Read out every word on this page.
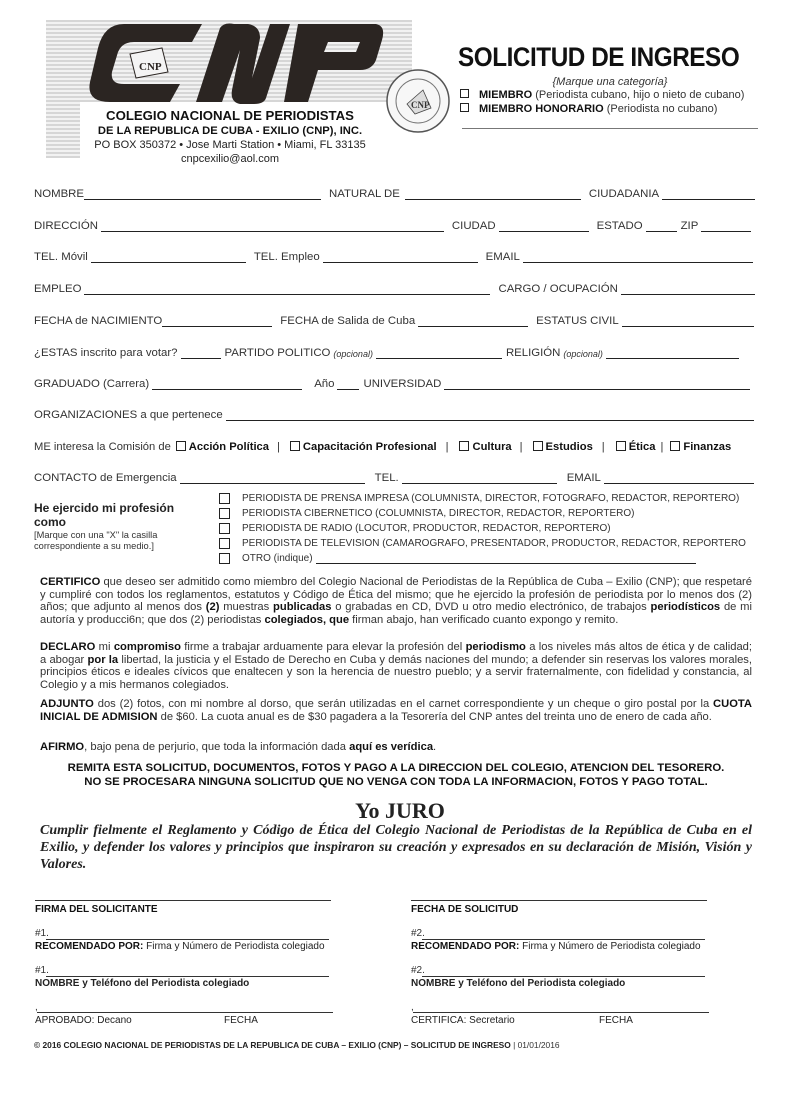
CNP
COLEGIO NACIONAL DE PERIODISTAS
DE LA REPUBLICA DE CUBA - EXILIO (CNP), INC.
PO BOX 350372 • Jose Marti Station • Miami, FL 33135
cnpcexilio@aol.com
CNP
SOLICITUD DE INGRESO
{Marque una categoría}
MIEMBRO (Periodista cubano, hijo o nieto de cubano)
MIEMBRO HONORARIO (Periodista no cubano)
NOMBRE	NATURAL DE	CIUDADANIA
DIRECCIÓN	CIUDAD	ESTADO	ZIP
TEL. Móvil	TEL. Empleo	EMAIL
EMPLEO	CARGO / OCUPACIÓN
FECHA de NACIMIENTO	FECHA de Salida de Cuba	ESTATUS CIVIL
¿ESTAS inscrito para votar?	PARTIDO POLITICO (opcional)	RELIGIÓN (opcional)
GRADUADO (Carrera)	Año	UNIVERSIDAD
ORGANIZACIONES a que pertenece
ME interesa la Comisión de	Acción Política |	Capacitación Profesional |	Cultura |	Estudios |	Ética |	Finanzas
CONTACTO de Emergencia	TEL.	EMAIL
He ejercido mi profesión como
[Marque con una "X" la casilla correspondiente a su medio.]
PERIODISTA DE PRENSA IMPRESA (COLUMNISTA, DIRECTOR, FOTOGRAFO, REDACTOR, REPORTERO)
PERIODISTA CIBERNETICO (COLUMNISTA, DIRECTOR, REDACTOR, REPORTERO)
PERIODISTA DE RADIO (LOCUTOR, PRODUCTOR, REDACTOR, REPORTERO)
PERIODISTA DE TELEVISION (CAMAROGRAFO, PRESENTADOR, PRODUCTOR, REDACTOR, REPORTERO
OTRO (indique)
CERTIFICO que deseo ser admitido como miembro del Colegio Nacional de Periodistas de la República de Cuba – Exilio (CNP); que respetaré y cumpliré con todos los reglamentos, estatutos y Código de Ética del mismo; que he ejercido la profesión de periodista por lo menos dos (2) años; que adjunto al menos dos (2) muestras publicadas o grabadas en CD, DVD u otro medio electrónico, de trabajos periodísticos de mi autoría y producci6n; que dos (2) periodistas colegiados, que firman abajo, han verificado cuanto expongo y remito.
DECLARO mi compromiso firme a trabajar arduamente para elevar la profesión del periodismo a los niveles más altos de ética y de calidad; a abogar por la libertad, la justicia y el Estado de Derecho en Cuba y demás naciones del mundo; a defender sin reservas los valores morales, principios éticos e ideales cívicos que enaltecen y son la herencia de nuestro pueblo; y a servir fraternalmente, con fidelidad y constancia, al Colegio y a mis hermanos colegiados.
ADJUNTO dos (2) fotos, con mi nombre al dorso, que serán utilizadas en el carnet correspondiente y un cheque o giro postal por la CUOTA INICIAL DE ADMISION de $60. La cuota anual es de $30 pagadera a la Tesorería del CNP antes del treinta uno de enero de cada año.
AFIRMO, bajo pena de perjurio, que toda la información dada aquí es verídica.
REMITA ESTA SOLICITUD, DOCUMENTOS, FOTOS Y PAGO A LA DIRECCION DEL COLEGIO, ATENCION DEL TESORERO.
NO SE PROCESARA NINGUNA SOLICITUD QUE NO VENGA CON TODA LA INFORMACION, FOTOS Y PAGO TOTAL.
Yo JURO
Cumplir fielmente el Reglamento y Código de Ética del Colegio Nacional de Periodistas de la República de Cuba en el Exilio, y defender los valores y principios que inspiraron su creación y expresados en su declaración de Misión, Visión y Valores.
FIRMA DEL SOLICITANTE	FECHA DE SOLICITUD
#1.
RECOMENDADO POR: Firma y Número de Periodista colegiado
#2.
RECOMENDADO POR: Firma y Número de Periodista colegiado
#1.
NOMBRE y Teléfono del Periodista colegiado
#2.
NOMBRE y Teléfono del Periodista colegiado
,
APROBADO: Decano	FECHA
,
CERTIFICA: Secretario	FECHA
© 2016 COLEGIO NACIONAL DE PERIODISTAS DE LA REPUBLICA DE CUBA – EXILIO (CNP) – SOLICITUD DE INGRESO | 01/01/2016
